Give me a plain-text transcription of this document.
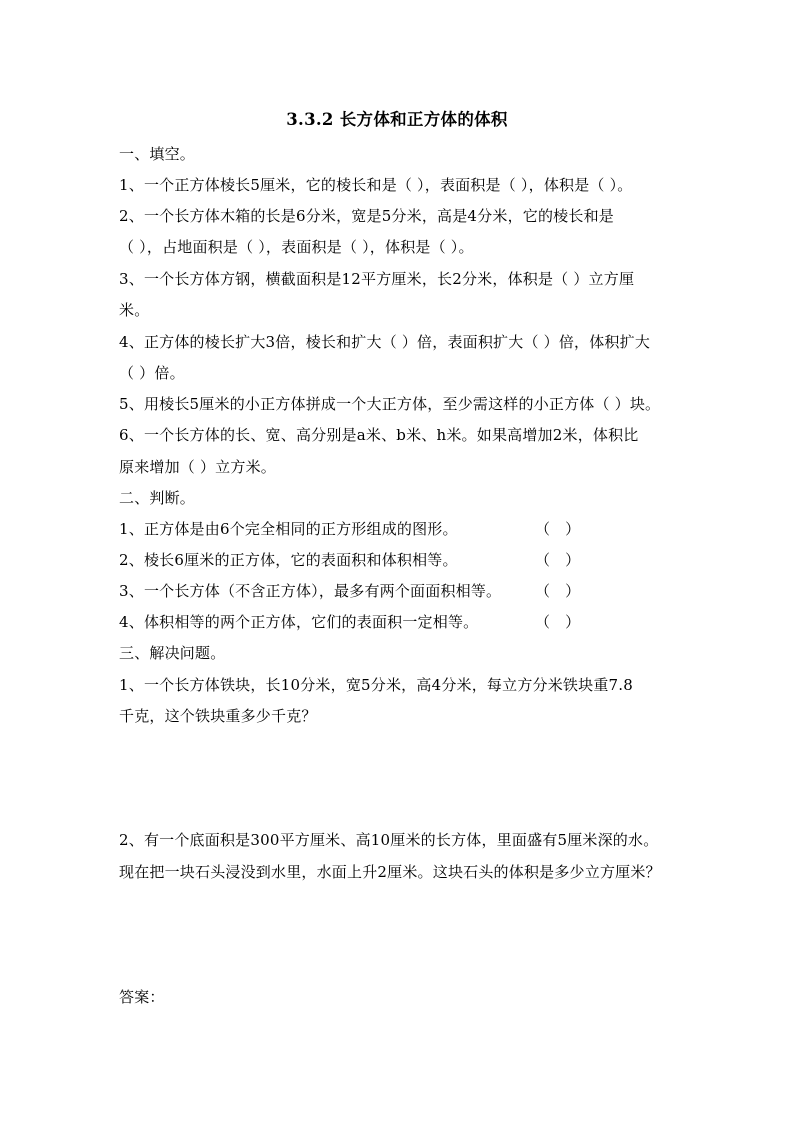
3.3.2 长方体和正方体的体积
一、填空。
1、一个正方体棱长5厘米，它的棱长和是（ ），表面积是（ ），体积是（ ）。
2、一个长方体木箱的长是6分米，宽是5分米，高是4分米，它的棱长和是
（ ），占地面积是（ ），表面积是（ ），体积是（ ）。
3、一个长方体方钢，横截面积是12平方厘米，长2分米，体积是（ ）立方厘
米。
4、正方体的棱长扩大3倍，棱长和扩大（ ）倍，表面积扩大（ ）倍，体积扩大
（ ）倍。
5、用棱长5厘米的小正方体拼成一个大正方体，至少需这样的小正方体（ ）块。
6、一个长方体的长、宽、高分别是a米、b米、h米。如果高增加2米，体积比
原来增加（ ）立方米。
二、判断。
1、正方体是由6个完全相同的正方形组成的图形。	（   ）
2、棱长6厘米的正方体，它的表面积和体积相等。	（   ）
3、一个长方体（不含正方体），最多有两个面面积相等。 （   ）
4、体积相等的两个正方体，它们的表面积一定相等。	（   ）
三、解决问题。
1、一个长方体铁块，长10分米，宽5分米，高4分米，每立方分米铁块重7.8
千克，这个铁块重多少千克？
2、有一个底面积是300平方厘米、高10厘米的长方体，里面盛有5厘米深的水。
现在把一块石头浸没到水里，水面上升2厘米。这块石头的体积是多少立方厘米？
答案：
